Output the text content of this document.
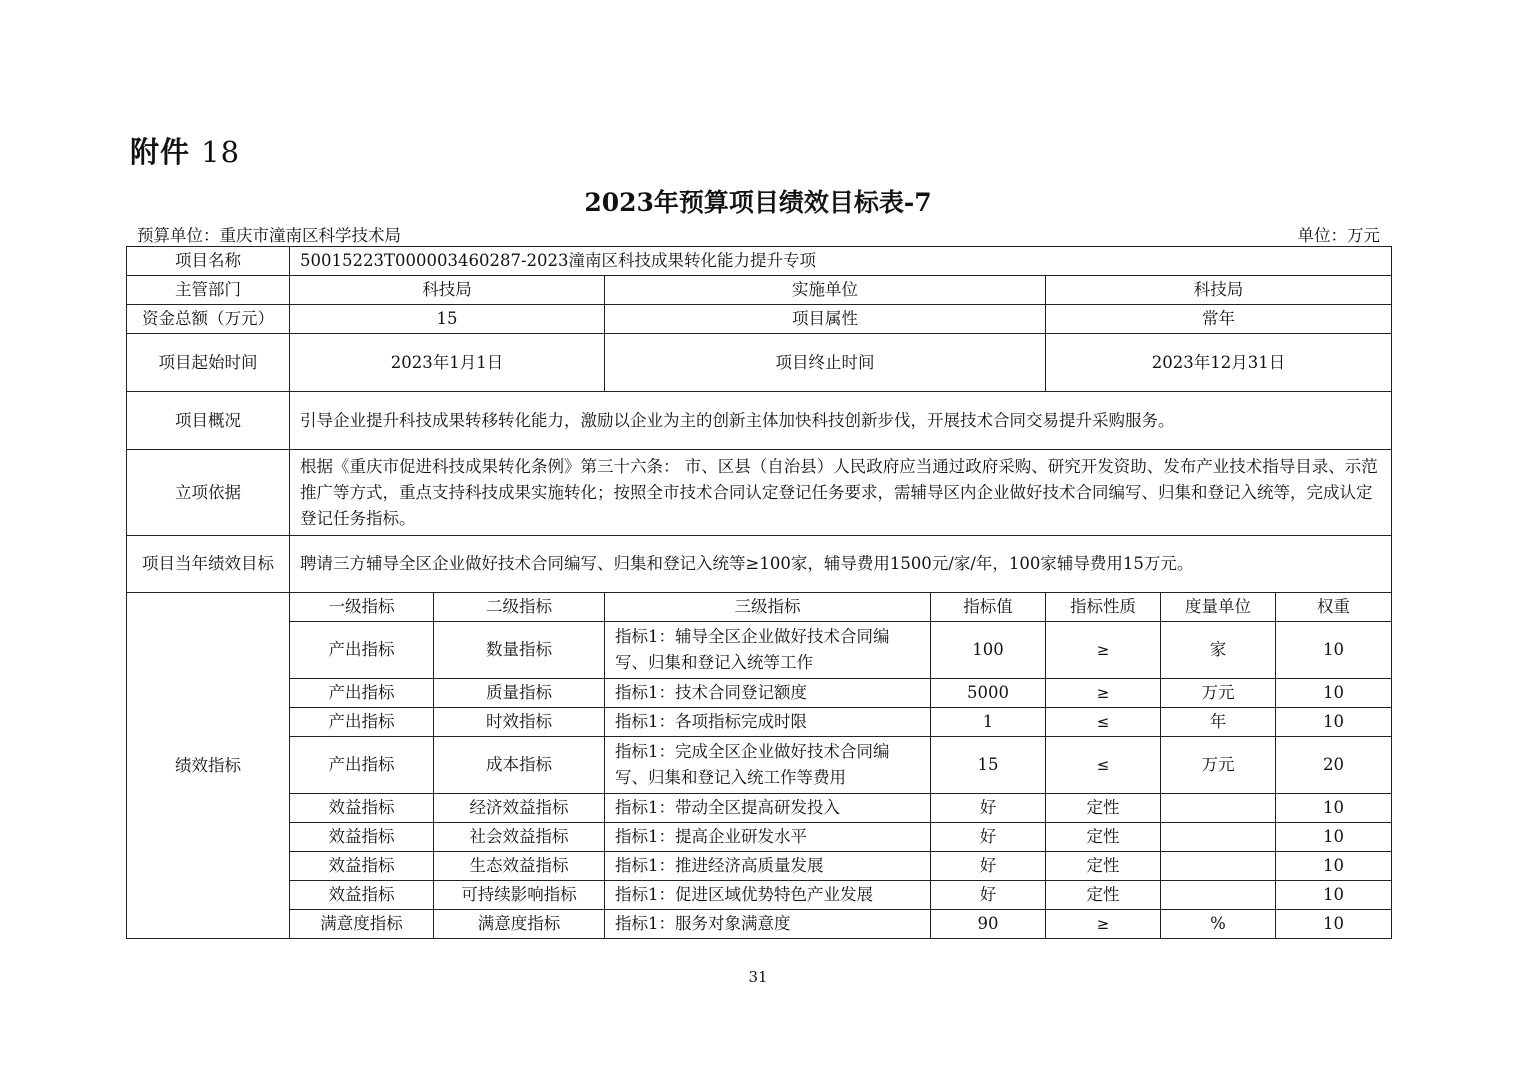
附件 18
2023年预算项目绩效目标表-7
预算单位：重庆市潼南区科学技术局	单位：万元
项目名称	50015223T000003460287-2023潼南区科技成果转化能力提升专项						
主管部门	科技局		实施单位		科技局		
资金总额（万元）	15		项目属性		常年		
项目起始时间	2023年1月1日		项目终止时间		2023年12月31日		
项目概况	引导企业提升科技成果转移转化能力，激励以企业为主的创新主体加快科技创新步伐，开展技术合同交易提升采购服务。						
立项依据	根据《重庆市促进科技成果转化条例》第三十六条： 市、区县（自治县）人民政府应当通过政府采购、研究开发资助、发布产业技术指导目录、示范推广等方式，重点支持科技成果实施转化；按照全市技术合同认定登记任务要求，需辅导区内企业做好技术合同编写、归集和登记入统等，完成认定登记任务指标。						
项目当年绩效目标	聘请三方辅导全区企业做好技术合同编写、归集和登记入统等≥100家，辅导费用1500元/家/年，100家辅导费用15万元。						
绩效指标	一级指标	二级指标	三级指标	指标值	指标性质	度量单位	权重
	产出指标	数量指标	指标1：辅导全区企业做好技术合同编写、归集和登记入统等工作	100	≥	家	10
	产出指标	质量指标	指标1：技术合同登记额度	5000	≥	万元	10
	产出指标	时效指标	指标1：各项指标完成时限	1	≤	年	10
	产出指标	成本指标	指标1：完成全区企业做好技术合同编写、归集和登记入统工作等费用	15	≤	万元	20
	效益指标	经济效益指标	指标1：带动全区提高研发投入	好	定性		10
	效益指标	社会效益指标	指标1：提高企业研发水平	好	定性		10
	效益指标	生态效益指标	指标1：推进经济高质量发展	好	定性		10
	效益指标	可持续影响指标	指标1：促进区域优势特色产业发展	好	定性		10
	满意度指标	满意度指标	指标1：服务对象满意度	90	≥	%	10
31
